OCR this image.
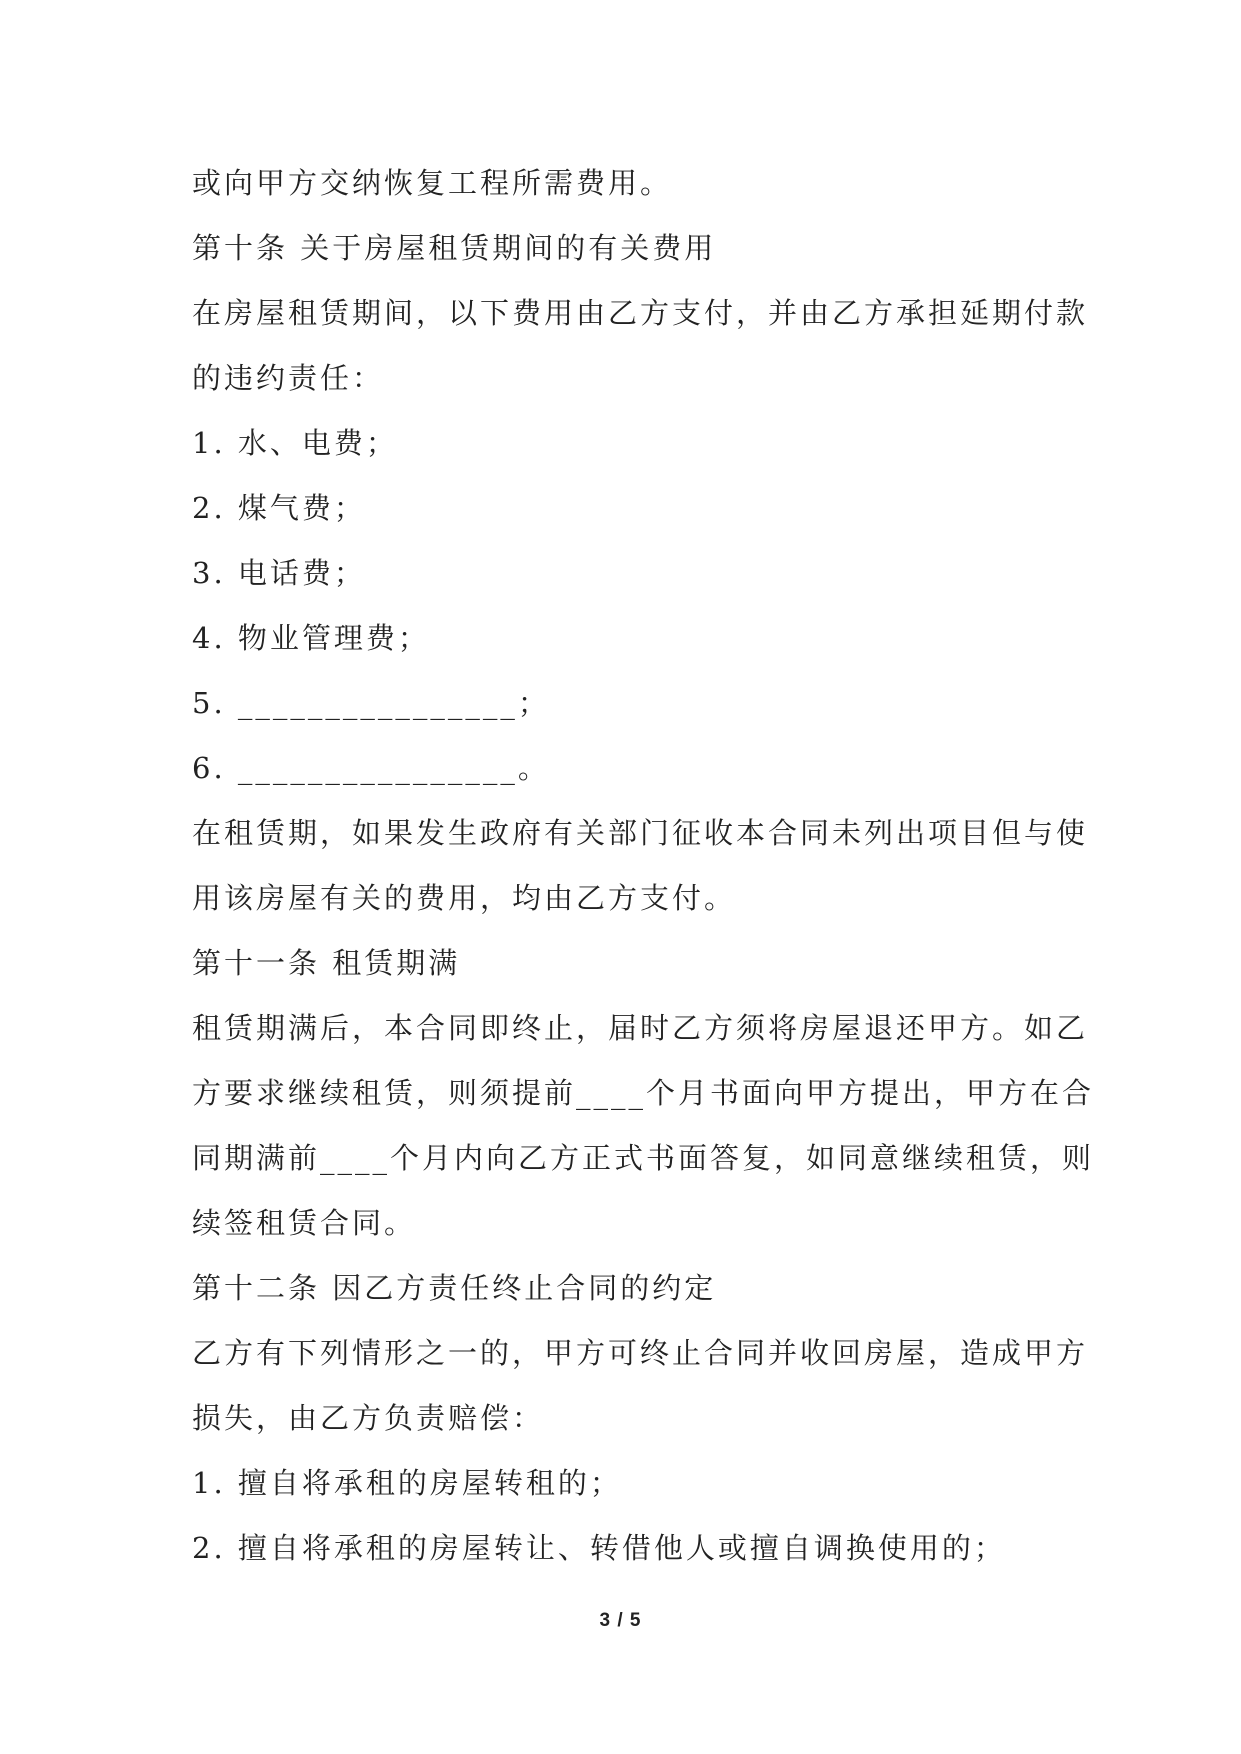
或向甲方交纳恢复工程所需费用。

第十条 关于房屋租赁期间的有关费用

在房屋租赁期间，以下费用由乙方支付，并由乙方承担延期付款

的违约责任：

1. 水、电费；

2. 煤气费；

3. 电话费；

4. 物业管理费；

5. ________________；

6. ________________。

在租赁期，如果发生政府有关部门征收本合同未列出项目但与使

用该房屋有关的费用，均由乙方支付。

第十一条 租赁期满

租赁期满后，本合同即终止，届时乙方须将房屋退还甲方。如乙

方要求继续租赁，则须提前____个月书面向甲方提出，甲方在合

同期满前____个月内向乙方正式书面答复，如同意继续租赁，则

续签租赁合同。

第十二条 因乙方责任终止合同的约定

乙方有下列情形之一的，甲方可终止合同并收回房屋，造成甲方

损失，由乙方负责赔偿：

1. 擅自将承租的房屋转租的；

2. 擅自将承租的房屋转让、转借他人或擅自调换使用的；

3 / 5
